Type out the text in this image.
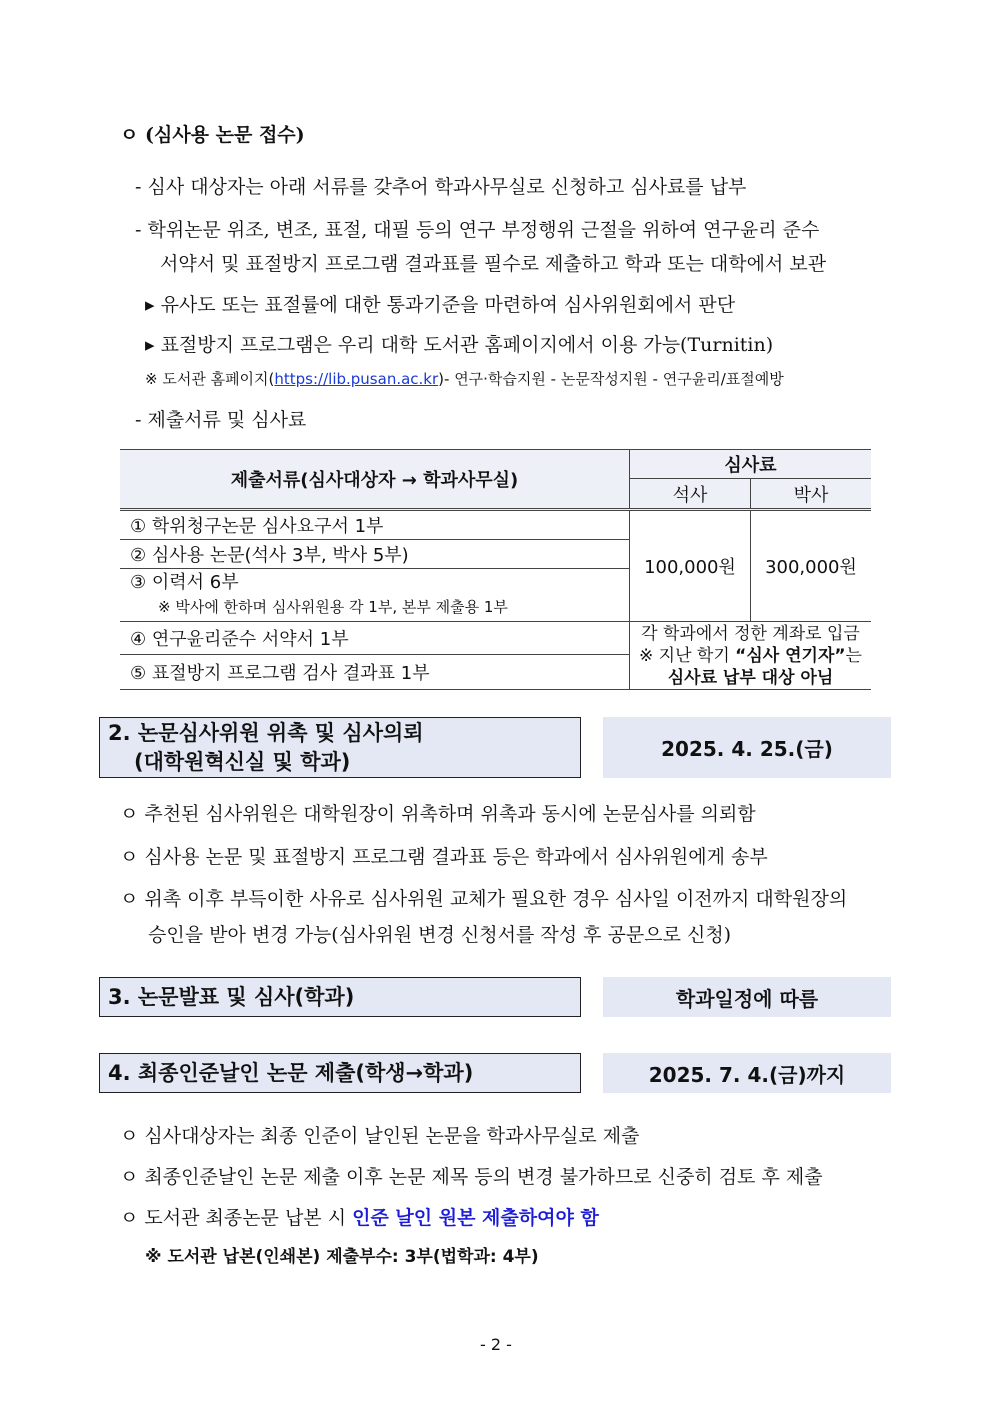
ㅇ (심사용 논문 접수)
- 심사 대상자는 아래 서류를 갖추어 학과사무실로 신청하고 심사료를 납부
- 학위논문 위조, 변조, 표절, 대필 등의 연구 부정행위 근절을 위하여 연구윤리 준수
서약서 및 표절방지 프로그램 결과표를 필수로 제출하고 학과 또는 대학에서 보관
▸ 유사도 또는 표절률에 대한 통과기준을 마련하여 심사위원회에서 판단
▸ 표절방지 프로그램은 우리 대학 도서관 홈페이지에서 이용 가능(Turnitin)
※ 도서관 홈페이지(https://lib.pusan.ac.kr)- 연구·학습지원 - 논문작성지원 - 연구윤리/표절예방
- 제출서류 및 심사료
제출서류(심사대상자 → 학과사무실)	심사료	
	석사	박사
① 학위청구논문 심사요구서 1부	100,000원	300,000원
② 심사용 논문(석사 3부, 박사 5부)		

③ 이력서 6부
※ 박사에 한하며 심사위원용 각 1부, 본부 제출용 1부		

④ 연구윤리준수 서약서 1부	각 학과에서 정한 계좌로 입금
※ 지난 학기 “심사 연기자”는
심사료 납부 대상 아님	

⑤ 표절방지 프로그램 검사 결과표 1부		
2. 논문심사위원 위촉 및 심사의뢰
(대학원혁신실 및 학과)
2025. 4. 25.(금)
ㅇ 추천된 심사위원은 대학원장이 위촉하며 위촉과 동시에 논문심사를 의뢰함
ㅇ 심사용 논문 및 표절방지 프로그램 결과표 등은 학과에서 심사위원에게 송부
ㅇ 위촉 이후 부득이한 사유로 심사위원 교체가 필요한 경우 심사일 이전까지 대학원장의
승인을 받아 변경 가능(심사위원 변경 신청서를 작성 후 공문으로 신청)
3. 논문발표 및 심사(학과)	학과일정에 따름
4. 최종인준날인 논문 제출(학생→학과)	2025. 7. 4.(금)까지
ㅇ 심사대상자는 최종 인준이 날인된 논문을 학과사무실로 제출
ㅇ 최종인준날인 논문 제출 이후 논문 제목 등의 변경 불가하므로 신중히 검토 후 제출
ㅇ 도서관 최종논문 납본 시 인준 날인 원본 제출하여야 함
※ 도서관 납본(인쇄본) 제출부수: 3부(법학과: 4부)
- 2 -
